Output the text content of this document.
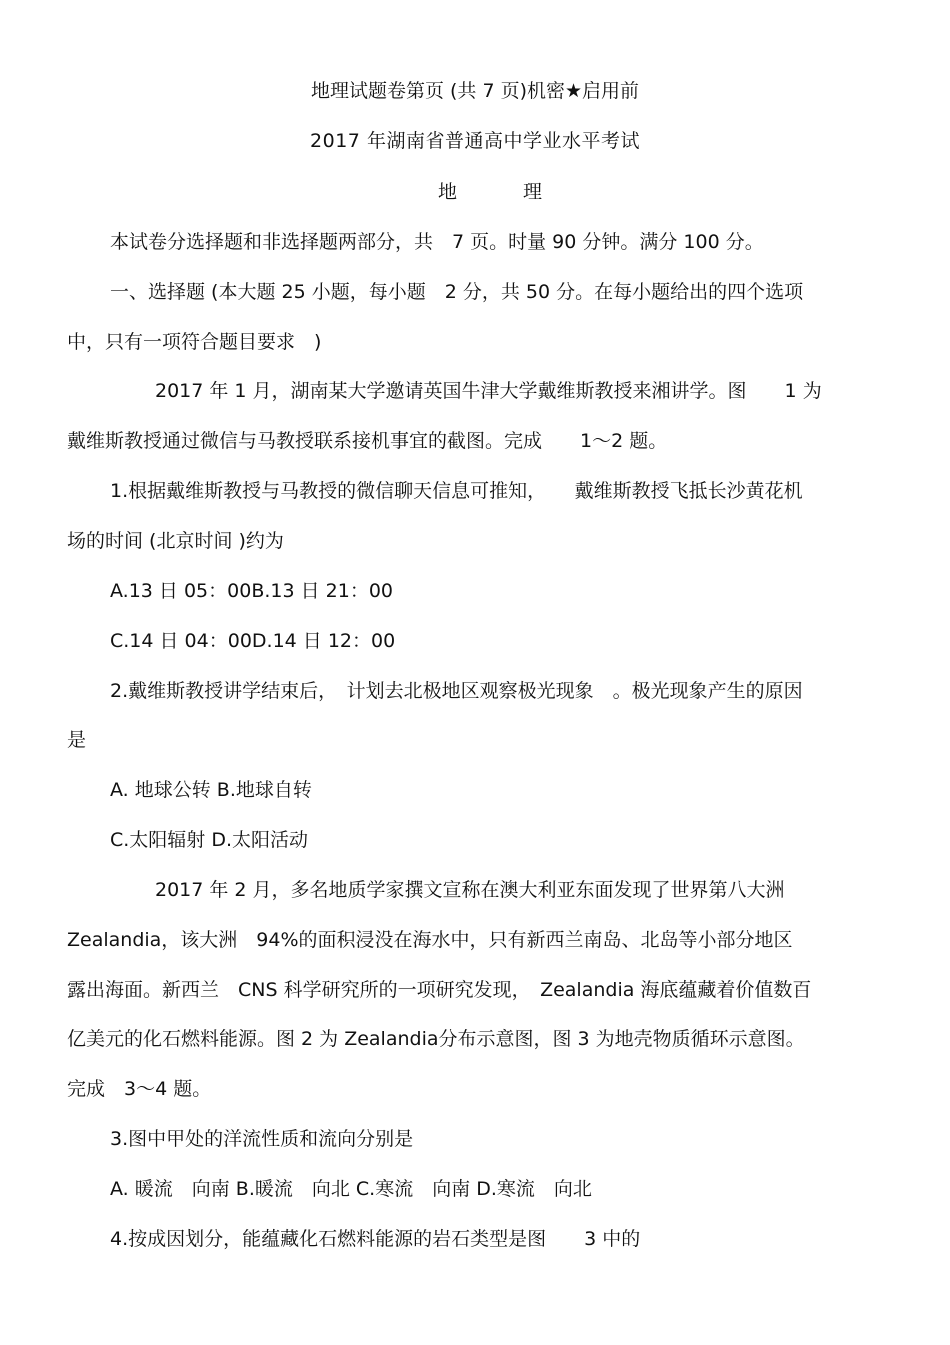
地理试题卷第页 (共 7 页)机密★启用前
2017 年湖南省普通高中学业水平考试
地 理
本试卷分选择题和非选择题两部分，共　7 页。时量 90 分钟。满分 100 分。
一、选择题 (本大题 25 小题，每小题　2 分，共 50 分。在每小题给出的四个选项
中，只有一项符合题目要求　)
2017 年 1 月，湖南某大学邀请英国牛津大学戴维斯教授来湘讲学。图　　1 为
戴维斯教授通过微信与马教授联系接机事宜的截图。完成　　1～2 题。
1.根据戴维斯教授与马教授的微信聊天信息可推知，　　戴维斯教授飞抵长沙黄花机
场的时间 (北京时间 )约为
A.13 日 05：00B.13 日 21：00
C.14 日 04：00D.14 日 12：00
2.戴维斯教授讲学结束后，　计划去北极地区观察极光现象　。极光现象产生的原因
是
A. 地球公转 B.地球自转
C.太阳辐射 D.太阳活动
2017 年 2 月，多名地质学家撰文宣称在澳大利亚东面发现了世界第八大洲
Zealandia，该大洲　94%的面积浸没在海水中，只有新西兰南岛、北岛等小部分地区
露出海面。新西兰　CNS 科学研究所的一项研究发现，　Zealandia 海底蕴藏着价值数百
亿美元的化石燃料能源。图 2 为 Zealandia分布示意图，图 3 为地壳物质循环示意图。
完成　3～4 题。
3.图中甲处的洋流性质和流向分别是
A. 暖流　向南 B.暖流　向北 C.寒流　向南 D.寒流　向北
4.按成因划分，能蕴藏化石燃料能源的岩石类型是图　　3 中的
